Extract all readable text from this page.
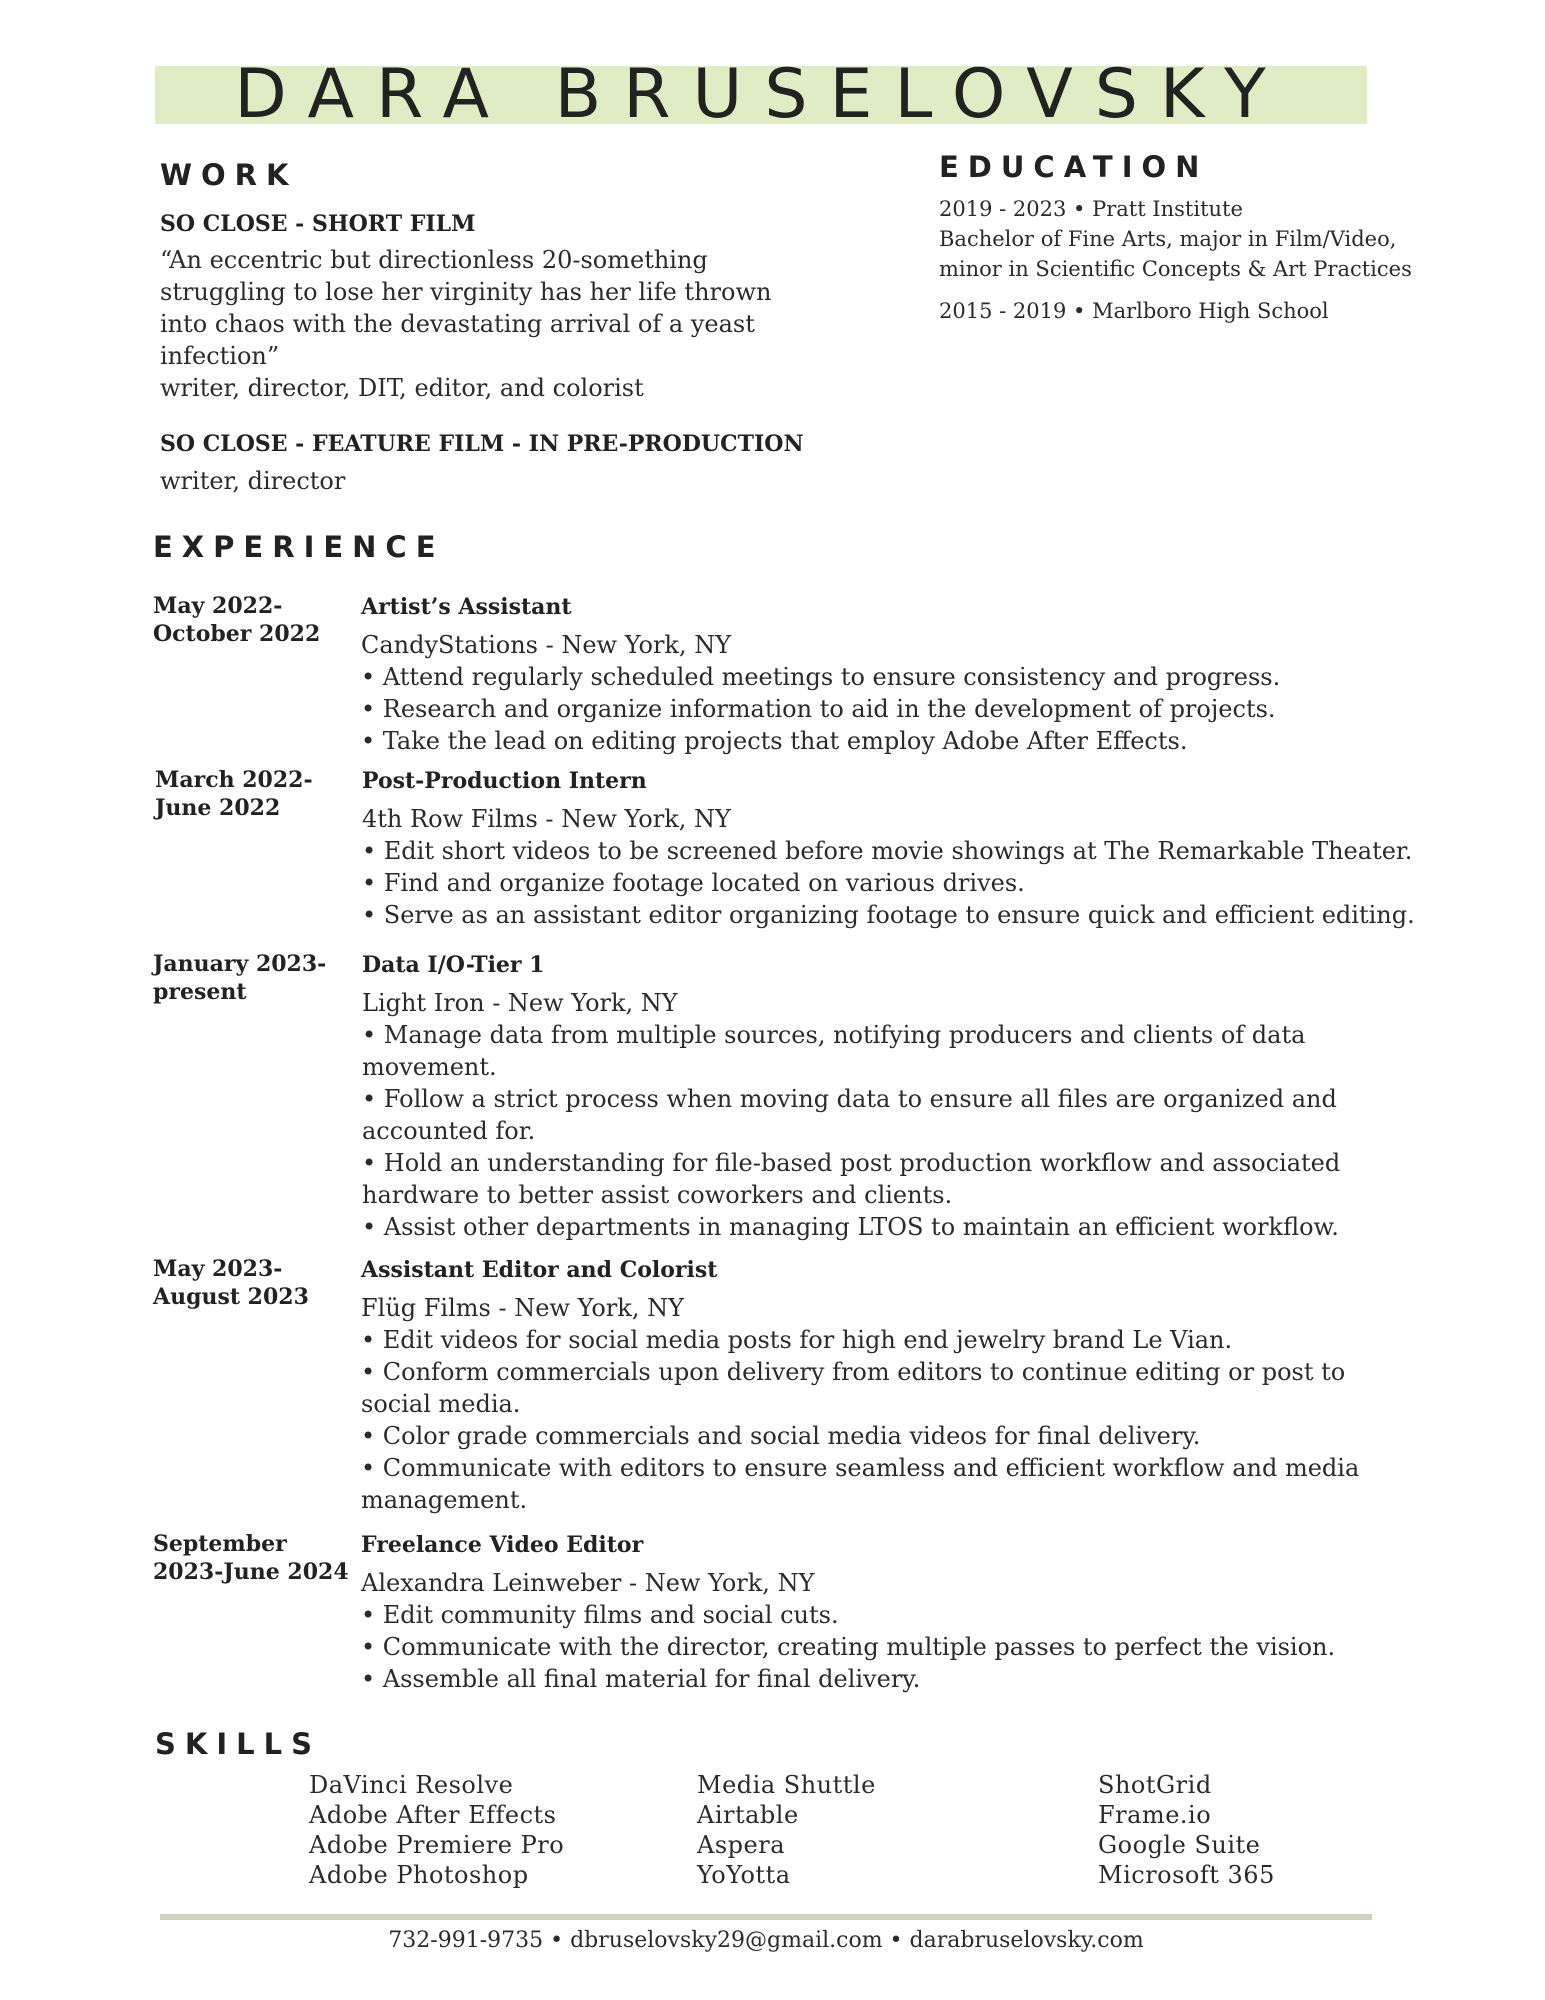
DARA BRUSELOVSKY
WORK
SO CLOSE - SHORT FILM
“An eccentric but directionless 20-something
struggling to lose her virginity has her life thrown
into chaos with the devastating arrival of a yeast
infection”
writer, director, DIT, editor, and colorist
SO CLOSE - FEATURE FILM - IN PRE-PRODUCTION
writer, director
EDUCATION
2019 - 2023 • Pratt Institute
Bachelor of Fine Arts, major in Film/Video,
minor in Scientific Concepts & Art Practices
2015 - 2019 • Marlboro High School
EXPERIENCE
May 2022-
October 2022
Artist’s Assistant
CandyStations - New York, NY
• Attend regularly scheduled meetings to ensure consistency and progress.
• Research and organize information to aid in the development of projects.
• Take the lead on editing projects that employ Adobe After Effects.
March 2022-
June 2022
Post-Production Intern
4th Row Films - New York, NY
• Edit short videos to be screened before movie showings at The Remarkable Theater.
• Find and organize footage located on various drives.
• Serve as an assistant editor organizing footage to ensure quick and efficient editing.
January 2023-
present
Data I/O-Tier 1
Light Iron - New York, NY
• Manage data from multiple sources, notifying producers and clients of data
movement.
• Follow a strict process when moving data to ensure all files are organized and
accounted for.
• Hold an understanding for file-based post production workflow and associated
hardware to better assist coworkers and clients.
• Assist other departments in managing LTOS to maintain an efficient workflow.
May 2023-
August 2023
Assistant Editor and Colorist
Flüg Films - New York, NY
• Edit videos for social media posts for high end jewelry brand Le Vian.
• Conform commercials upon delivery from editors to continue editing or post to
social media.
• Color grade commercials and social media videos for final delivery.
• Communicate with editors to ensure seamless and efficient workflow and media
management.
September
2023-June 2024
Freelance Video Editor
Alexandra Leinweber - New York, NY
• Edit community films and social cuts.
• Communicate with the director, creating multiple passes to perfect the vision.
• Assemble all final material for final delivery.
SKILLS
DaVinci Resolve
Adobe After Effects
Adobe Premiere Pro
Adobe Photoshop
Media Shuttle
Airtable
Aspera
YoYotta
ShotGrid
Frame.io
Google Suite
Microsoft 365
732-991-9735 • dbruselovsky29@gmail.com • darabruselovsky.com
